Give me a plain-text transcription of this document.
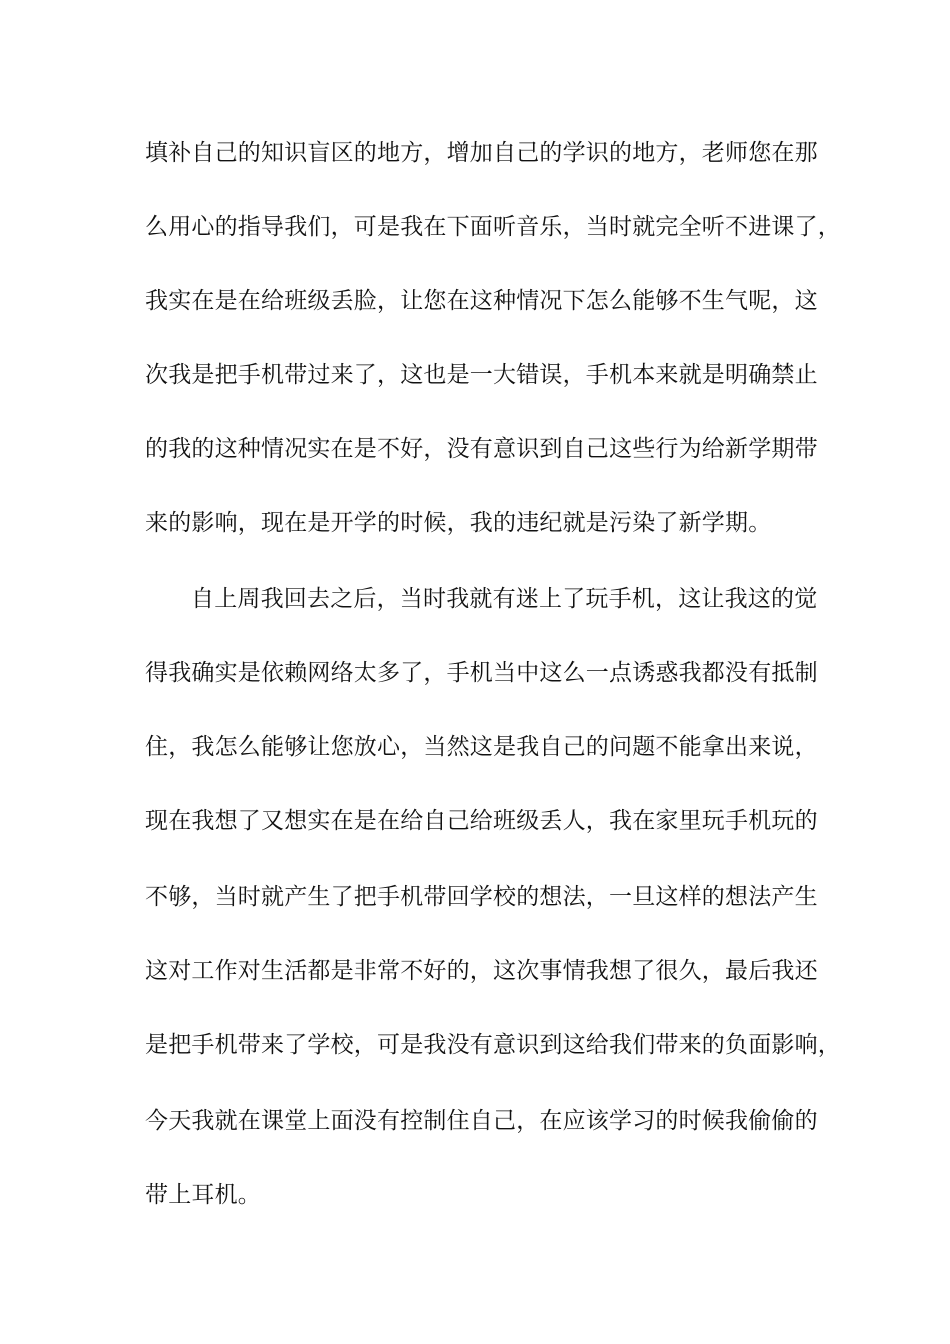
填补自己的知识盲区的地方，增加自己的学识的地方，老师您在那
么用心的指导我们，可是我在下面听音乐，当时就完全听不进课了，
我实在是在给班级丢脸，让您在这种情况下怎么能够不生气呢，这
次我是把手机带过来了，这也是一大错误，手机本来就是明确禁止
的我的这种情况实在是不好，没有意识到自己这些行为给新学期带
来的影响，现在是开学的时候，我的违纪就是污染了新学期。
自上周我回去之后，当时我就有迷上了玩手机，这让我这的觉
得我确实是依赖网络太多了，手机当中这么一点诱惑我都没有抵制
住，我怎么能够让您放心，当然这是我自己的问题不能拿出来说，
现在我想了又想实在是在给自己给班级丢人，我在家里玩手机玩的
不够，当时就产生了把手机带回学校的想法，一旦这样的想法产生
这对工作对生活都是非常不好的，这次事情我想了很久，最后我还
是把手机带来了学校，可是我没有意识到这给我们带来的负面影响，
今天我就在课堂上面没有控制住自己，在应该学习的时候我偷偷的
带上耳机。
